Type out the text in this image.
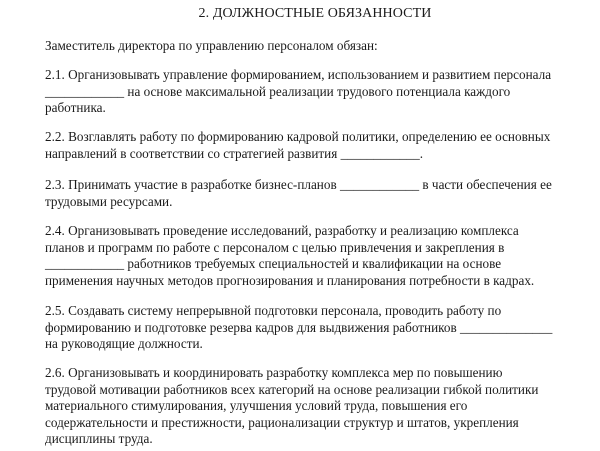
2. ДОЛЖНОСТНЫЕ ОБЯЗАННОСТИ
Заместитель директора по управлению персоналом обязан:
2.1. Организовывать управление формированием, использованием и развитием персонала
____________ на основе максимальной реализации трудового потенциала каждого
работника.
2.2. Возглавлять работу по формированию кадровой политики, определению ее основных
направлений в соответствии со стратегией развития ____________.
2.3. Принимать участие в разработке бизнес-планов ____________ в части обеспечения ее
трудовыми ресурсами.
2.4. Организовывать проведение исследований, разработку и реализацию комплекса
планов и программ по работе с персоналом с целью привлечения и закрепления в
____________ работников требуемых специальностей и квалификации на основе
применения научных методов прогнозирования и планирования потребности в кадрах.
2.5. Создавать систему непрерывной подготовки персонала, проводить работу по
формированию и подготовке резерва кадров для выдвижения работников ______________
на руководящие должности.
2.6. Организовывать и координировать разработку комплекса мер по повышению
трудовой мотивации работников всех категорий на основе реализации гибкой политики
материального стимулирования, улучшения условий труда, повышения его
содержательности и престижности, рационализации структур и штатов, укрепления
дисциплины труда.
